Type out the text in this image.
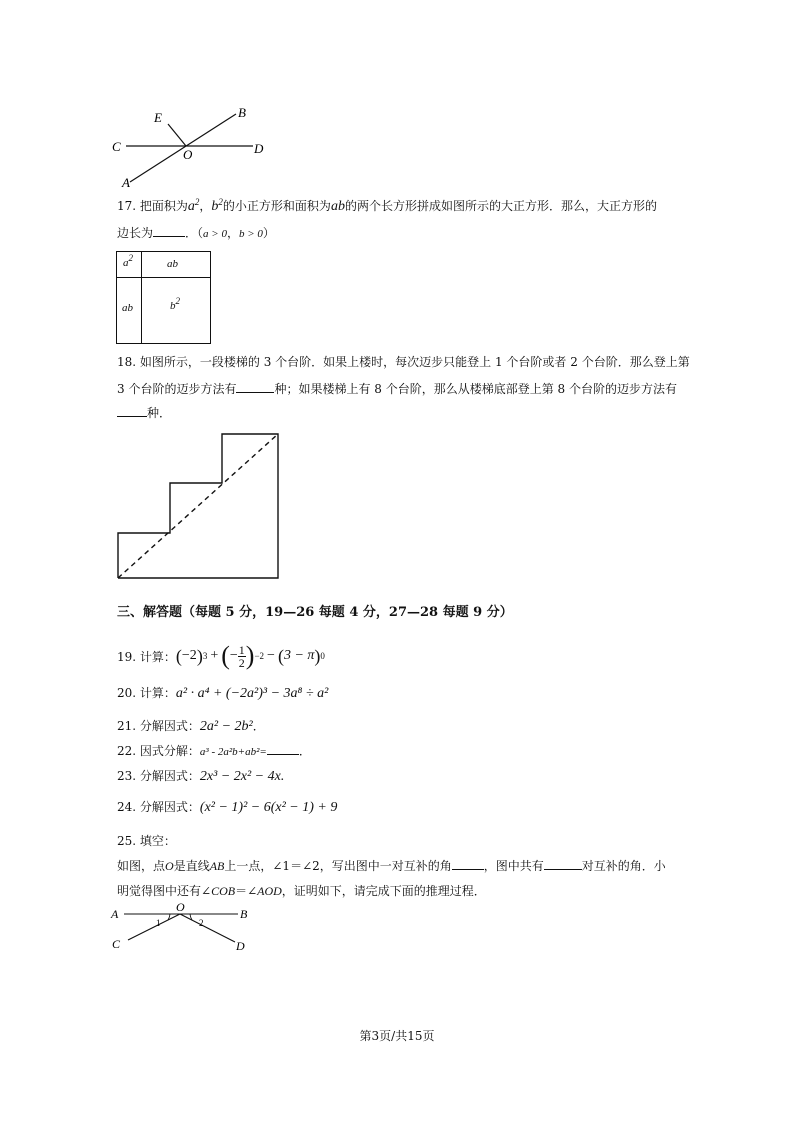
E	B
C
O	D
A
17. 把面积为$a^2$，$b^2$的小正方形和面积为ab的两个长方形拼成如图所示的大正方形．那么，大正方形的
边长为	．（a > 0，b > 0）
$a^2$	ab
ab	$b^2$
18. 如图所示，一段楼梯的 3 个台阶．如果上楼时，每次迈步只能登上 1 个台阶或者 2 个台阶．那么登上第
3 个台阶的迈步方法有	种；如果楼梯上有 8 个台阶，那么从楼梯底部登上第 8 个台阶的迈步方法有
种．
三、解答题（每题 5 分，19—26 每题 4 分，27—28 每题 9 分）
19. 计算： ( −2 ) 3 + ( − $\frac{1}{2}$ ) −2 − ( 3 − π ) 0
20. 计算：a² · a⁴ + (−2a²)³ − 3a⁸ ÷ a²
21. 分解因式：2a² − 2b²．
22. 因式分解：a³ - 2a²b+ab²=	．
23. 分解因式：2x³ − 2x² − 4x.
24. 分解因式：(x² − 1)² − 6(x² − 1) + 9
25. 填空：
如图，点O是直线AB上一点，∠1＝∠2，写出图中一对互补的角	，图中共有	对互补的角．小
明觉得图中还有∠COB＝∠AOD，证明如下，请完成下面的推理过程．
A	O	B
C	D
1	2
第3页/共15页
